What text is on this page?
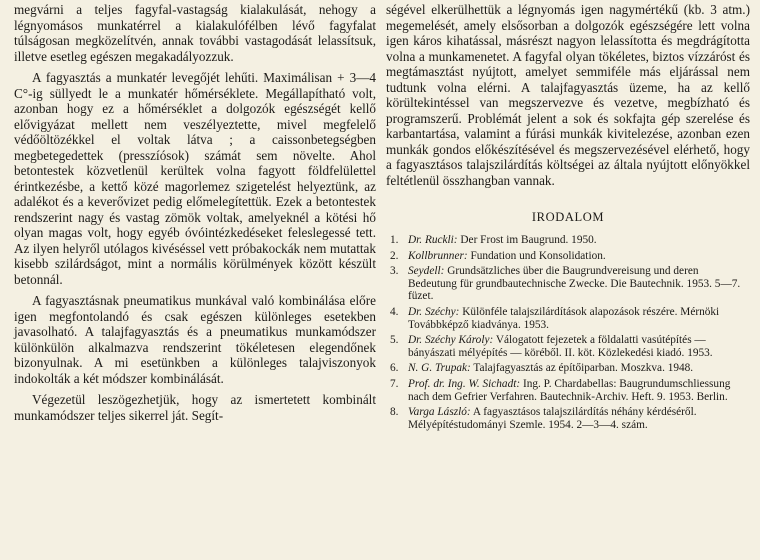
megvárni a teljes fagyfal-vastagság kialakulását, nehogy a légnyomásos munkatérrel a kialakulófélben lévő fagyfalat túlságosan megközelítvén, annak további vastagodását lelassítsuk, illetve esetleg egészen megakadályozzuk.

A fagyasztás a munkatér levegőjét lehűti. Maximálisan + 3—4 C°-ig süllyedt le a munkatér hőmérséklete. Megállapítható volt, azonban hogy ez a hőmérséklet a dolgozók egészségét kellő elővigyázat mellett nem veszélyeztette, mivel megfelelő védőöltözékkel el voltak látva ; a caissonbetegségben megbetegedettek (presszíósok) számát sem növelte. Ahol betontestek közvetlenül kerültek volna fagyott földfelülettel érintkezésbe, a kettő közé magorlemez szigetelést helyeztünk, az adalékot és a keverővizet pedig előmelegítettük. Ezek a betontestek rendszerint nagy és vastag zömök voltak, amelyeknél a kötési hő olyan magas volt, hogy egyéb óvóintézkedéseket feleslegessé tett. Az ilyen helyről utólagos kivéséssel vett próbakockák nem mutattak kisebb szilárdságot, mint a normális körülmények között készült betonnál.

A fagyasztásnak pneumatikus munkával való kombinálása előre igen megfontolandó és csak egészen különleges esetekben javasolható. A talajfagyasztás és a pneumatikus munkamódszer különkülön alkalmazva rendszerint tökéletesen elegendőnek bizonyulnak. A mi esetünkben a különleges talajviszonyok indokolták a két módszer kombinálását.

Végezetül leszögezhetjük, hogy az ismertetett kombinált munkamódszer teljes sikerrel ját. Segít-

ségével elkerülhettük a légnyomás igen nagymértékű (kb. 3 atm.) megemelését, amely elsősorban a dolgozók egészségére lett volna igen káros kihatással, másrészt nagyon lelassította és megdrágította volna a munkamenetet. A fagyfal olyan tökéletes, biztos vízzáróst és megtámasztást nyújtott, amelyet semmiféle más eljárással nem tudtunk volna elérni. A talajfagyasztás üzeme, ha az kellő körültekintéssel van megszervezve és vezetve, megbízható és programszerű. Problémát jelent a sok és sokfajta gép szerelése és karbantartása, valamint a fúrási munkák kivitelezése, azonban ezen munkák gondos előkészítésével és megszervezésével elérhető, hogy a fagyasztásos talajszilárdítás költségei az általa nyújtott előnyökkel feltétlenül összhangban vannak.

IRODALOM
1. Dr. Ruckli: Der Frost im Baugrund. 1950.
2. Kollbrunner: Fundation und Konsolidation.
3. Seydell: Grundsätzliches über die Baugrundvereisung und deren Bedeutung für grundbautechnische Zwecke. Die Bautechnik. 1953. 5—7. füzet.
4. Dr. Széchy: Különféle talajszilárdítások alapozások részére. Mérnöki Továbbképző kiadványa. 1953.
5. Dr. Széchy Károly: Válogatott fejezetek a földalatti vasútépítés — bányászati mélyépítés — köréből. II. köt. Közlekedési kiadó. 1953.
6. N. G. Trupak: Talajfagyasztás az építőiparban. Moszkva. 1948.
7. Prof. dr. Ing. W. Sichadt: Ing. P. Chardabellas: Baugrundumschliessung nach dem Gefrier Verfahren. Bautechnik-Archiv. Heft. 9. 1953. Berlin.
8. Varga László: A fagyasztásos talajszilárdítás néhány kérdéséről. Mélyépítéstudományi Szemle. 1954. 2—3—4. szám.
